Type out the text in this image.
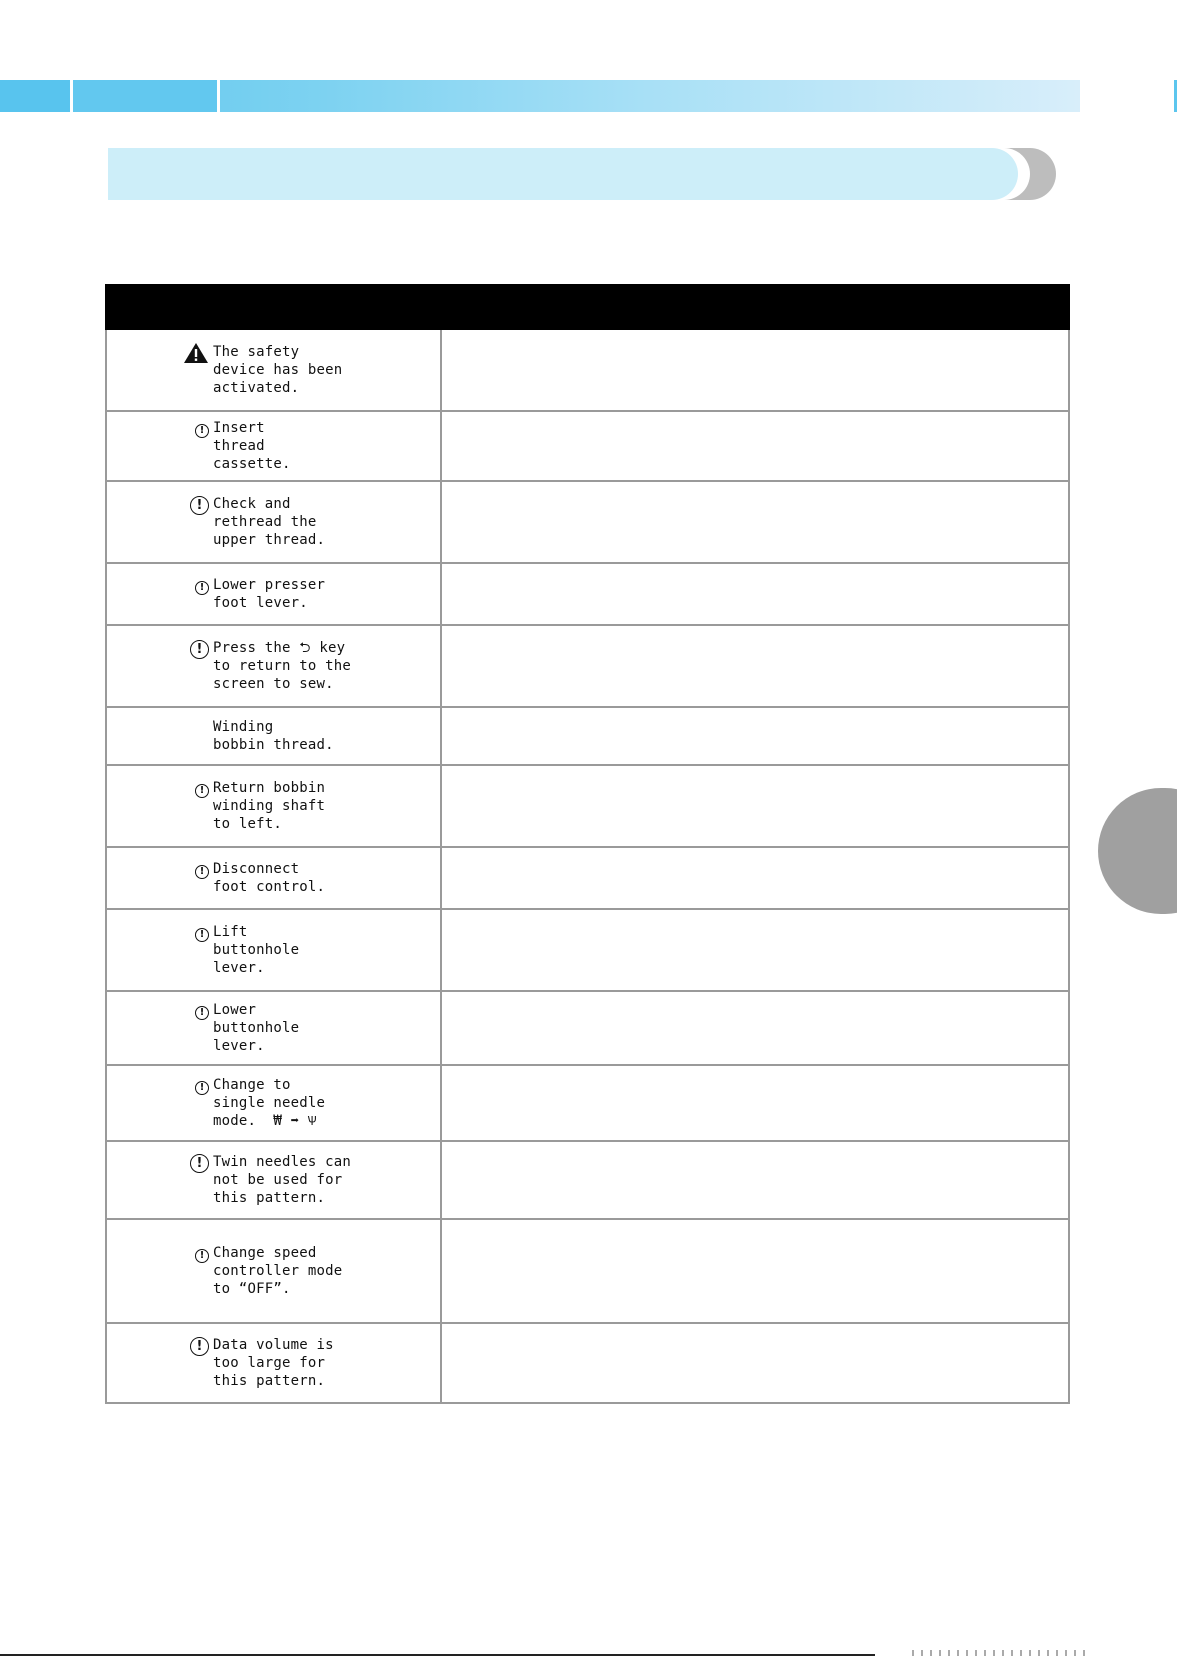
The safety
device has been
activated.	

! Insert
thread
cassette.	

! Check and
rethread the
upper thread.	

! Lower presser
foot lever.	

! Press the ⮌ key
to return to the
screen to sew.	

Winding
bobbin thread.	

! Return bobbin
winding shaft
to left.	

! Disconnect
foot control.	

! Lift
buttonhole
lever.	

! Lower
buttonhole
lever.	

! Change to
single needle
mode.  ₩ ➡ Ѱ	

! Twin needles can
not be used for
this pattern.	

! Change speed
controller mode
to “OFF”.	

! Data volume is
too large for
this pattern.	
